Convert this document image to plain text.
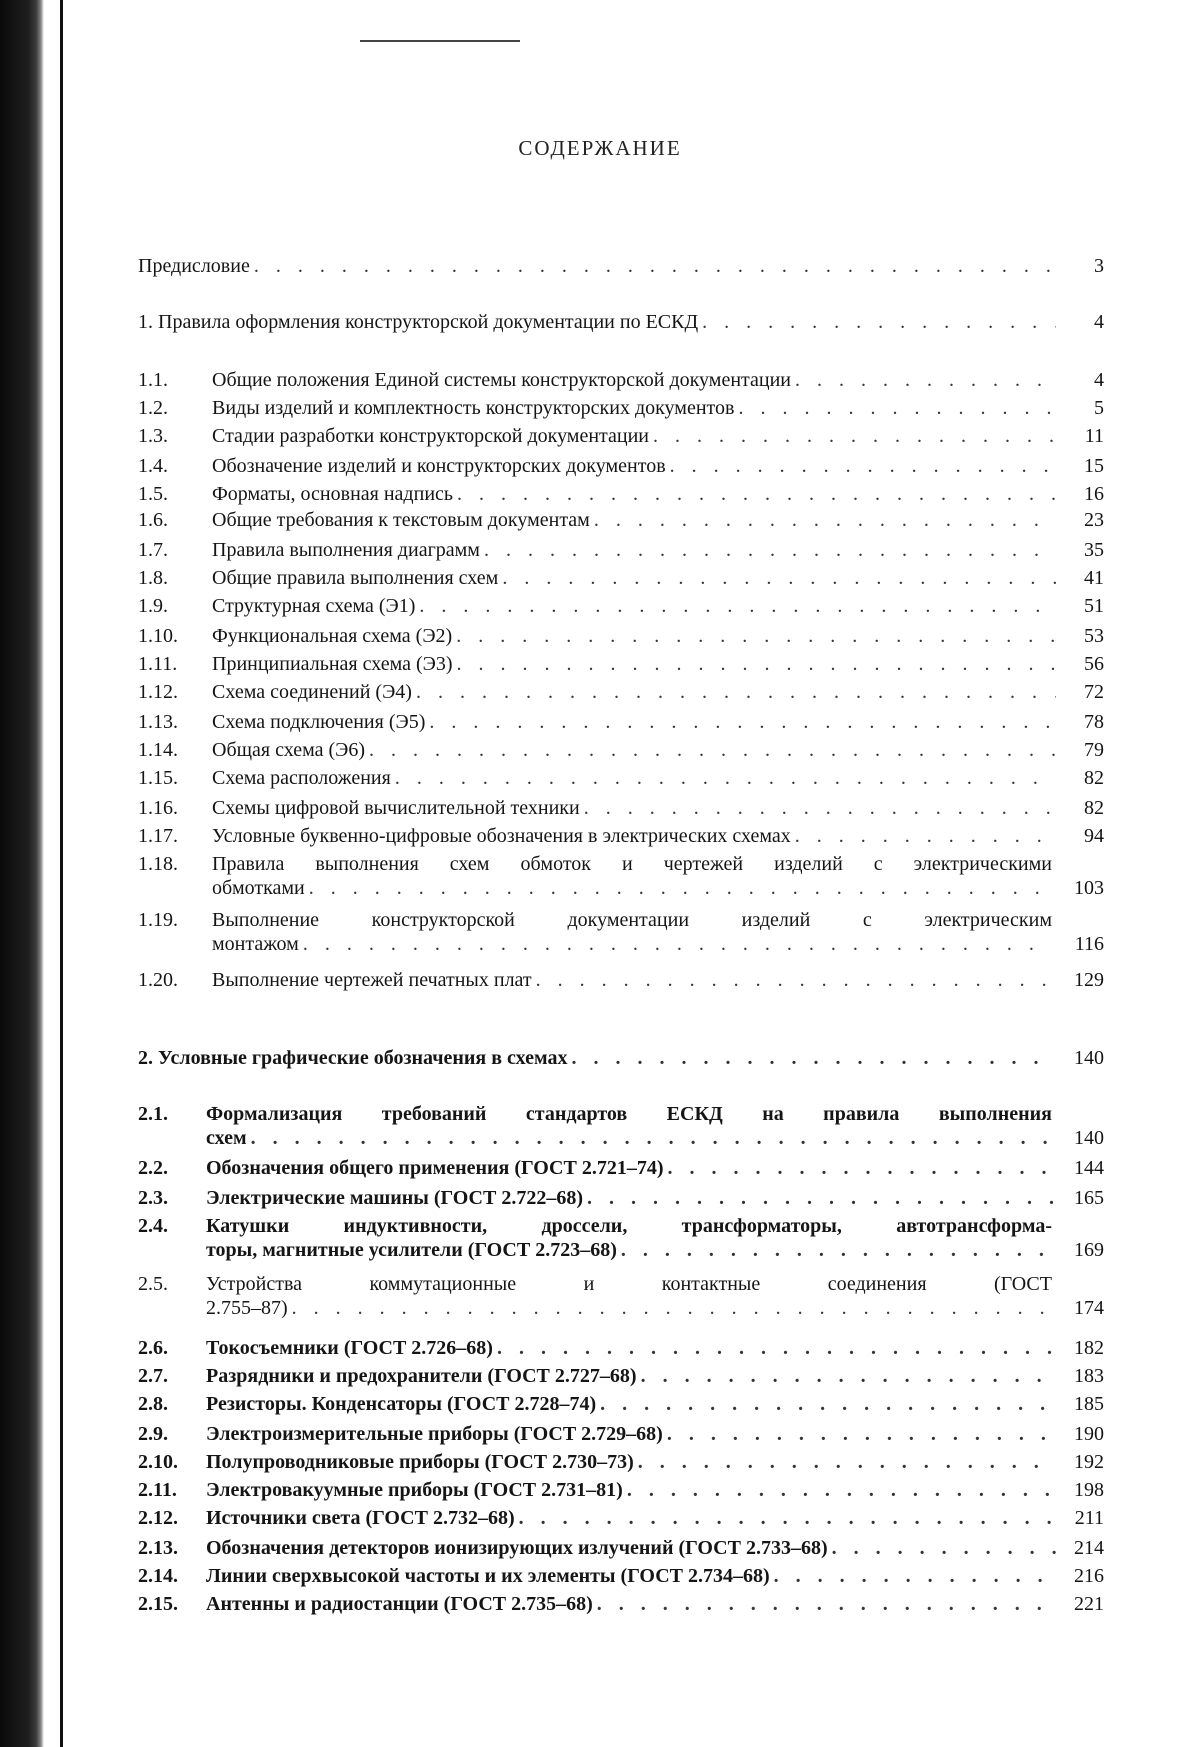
СОДЕРЖАНИЕ
Предисловие . . .	3
1. Правила оформления конструкторской документации по ЕСКД . . .	4
1.1.	Общие положения Единой системы конструкторской документации . . .	4
1.2.	Виды изделий и комплектность конструкторских документов . . .	5
1.3.	Стадии разработки конструкторской документации . . .	11
1.4.	Обозначение изделий и конструкторских документов . . .	15
1.5.	Форматы, основная надпись . . .	16
1.6.	Общие требования к текстовым документам . . .	23
1.7.	Правила выполнения диаграмм . . .	35
1.8.	Общие правила выполнения схем . . .	41
1.9.	Структурная схема (Э1) . . .	51
1.10.	Функциональная схема (Э2) . . .	53
1.11.	Принципиальная схема (Э3) . . .	56
1.12.	Схема соединений (Э4) . . .	72
1.13.	Схема подключения (Э5) . . .	78
1.14.	Общая схема (Э6) . . .	79
1.15.	Схема расположения . . .	82
1.16.	Схемы цифровой вычислительной техники . . .	82
1.17.	Условные буквенно-цифровые обозначения в электрических схемах . . .	94
1.18.	Правила выполнения схем обмоток и чертежей изделий с электрическими
обмотками . . .	103
1.19.	Выполнение конструкторской документации изделий с электрическим
монтажом . . .	116
1.20.	Выполнение чертежей печатных плат . . .	129
2. Условные графические обозначения в схемах . . .	140
2.1.	Формализация требований стандартов ЕСКД на правила выполнения
схем . . .	140
2.2.	Обозначения общего применения (ГОСТ 2.721–74) . . .	144
2.3.	Электрические машины (ГОСТ 2.722–68) . . .	165
2.4.	Катушки индуктивности, дроссели, трансформаторы, автотрансформа-
торы, магнитные усилители (ГОСТ 2.723–68) . . .	169
2.5.	Устройства коммутационные и контактные соединения (ГОСТ
2.755–87) . . .	174
2.6.	Токосъемники (ГОСТ 2.726–68) . . .	182
2.7.	Разрядники и предохранители (ГОСТ 2.727–68) . . .	183
2.8.	Резисторы. Конденсаторы (ГОСТ 2.728–74) . . .	185
2.9.	Электроизмерительные приборы (ГОСТ 2.729–68) . . .	190
2.10.	Полупроводниковые приборы (ГОСТ 2.730–73) . . .	192
2.11.	Электровакуумные приборы (ГОСТ 2.731–81) . . .	198
2.12.	Источники света (ГОСТ 2.732–68) . . .	211
2.13.	Обозначения детекторов ионизирующих излучений (ГОСТ 2.733–68) . . .	214
2.14.	Линии сверхвысокой частоты и их элементы (ГОСТ 2.734–68) . . .	216
2.15.	Антенны и радиостанции (ГОСТ 2.735–68) . . .	221
